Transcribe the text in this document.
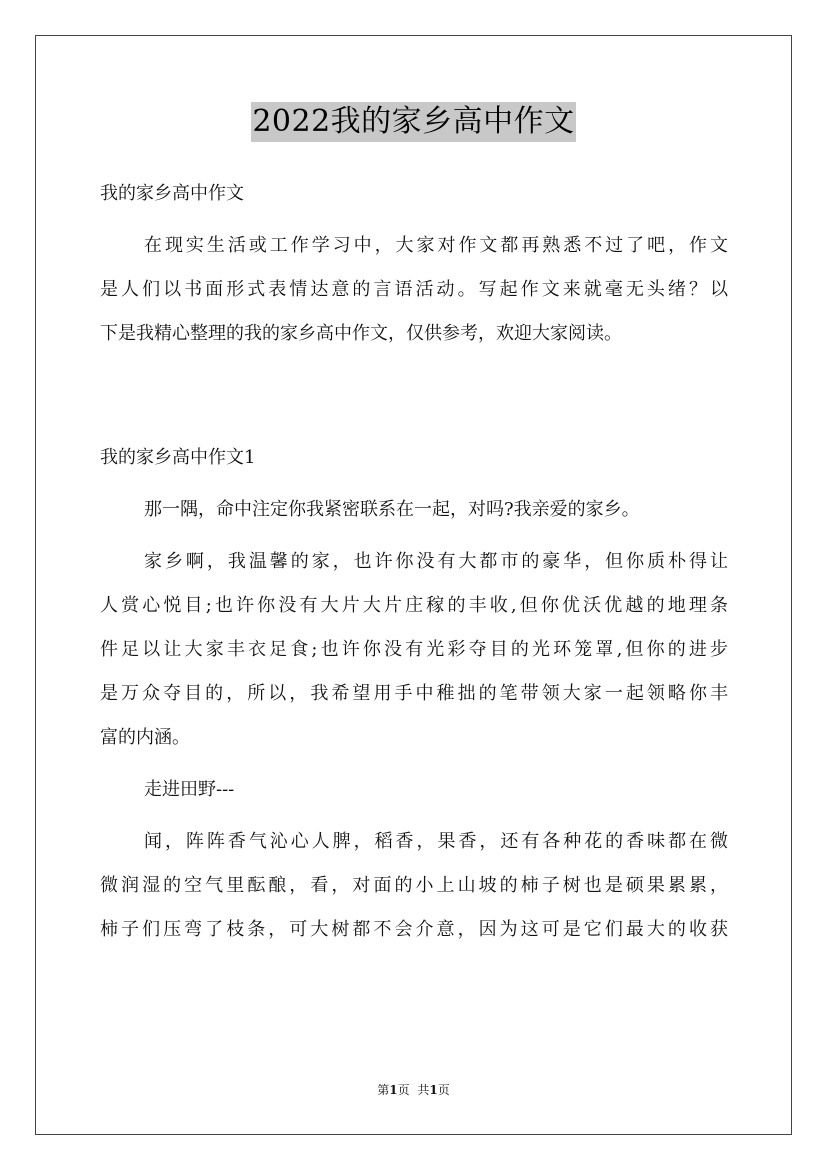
2022我的家乡高中作文
我的家乡高中作文
在现实生活或工作学习中，大家对作文都再熟悉不过了吧，作文
是人们以书面形式表情达意的言语活动。写起作文来就毫无头绪？以
下是我精心整理的我的家乡高中作文，仅供参考，欢迎大家阅读。
我的家乡高中作文1
那一隅，命中注定你我紧密联系在一起，对吗?我亲爱的家乡。
家乡啊，我温馨的家，也许你没有大都市的豪华，但你质朴得让
人赏心悦目;也许你没有大片大片庄稼的丰收,但你优沃优越的地理条
件足以让大家丰衣足食;也许你没有光彩夺目的光环笼罩,但你的进步
是万众夺目的，所以，我希望用手中稚拙的笔带领大家一起领略你丰
富的内涵。
走进田野---
闻，阵阵香气沁心人脾，稻香，果香，还有各种花的香味都在微
微润湿的空气里酝酿，看，对面的小上山坡的柿子树也是硕果累累，
柿子们压弯了枝条，可大树都不会介意，因为这可是它们最大的收获
第1页 共1页
